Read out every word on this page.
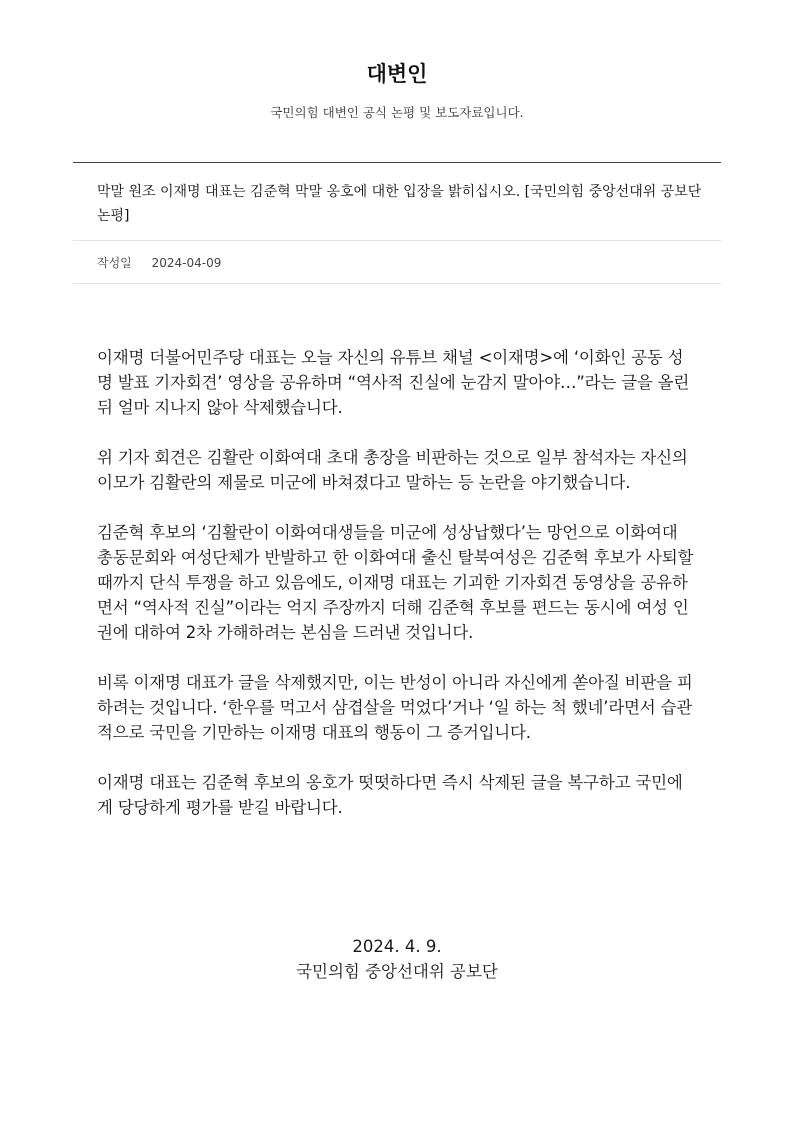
대변인
국민의힘 대변인 공식 논평 및 보도자료입니다.
막말 원조 이재명 대표는 김준혁 막말 옹호에 대한 입장을 밝히십시오. [국민의힘 중앙선대위 공보단 논평]
작성일 2024-04-09

이재명 더불어민주당 대표는 오늘 자신의 유튜브 채널 <이재명>에 ‘이화인 공동 성명 발표 기자회견’ 영상을 공유하며 “역사적 진실에 눈감지 말아야…”라는 글을 올린 뒤 얼마 지나지 않아 삭제했습니다.

위 기자 회견은 김활란 이화여대 초대 총장을 비판하는 것으로 일부 참석자는 자신의 이모가 김활란의 제물로 미군에 바쳐졌다고 말하는 등 논란을 야기했습니다.

김준혁 후보의 ‘김활란이 이화여대생들을 미군에 성상납했다’는 망언으로 이화여대 총동문회와 여성단체가 반발하고 한 이화여대 출신 탈북여성은 김준혁 후보가 사퇴할 때까지 단식 투쟁을 하고 있음에도, 이재명 대표는 기괴한 기자회견 동영상을 공유하면서 “역사적 진실”이라는 억지 주장까지 더해 김준혁 후보를 편드는 동시에 여성 인권에 대하여 2차 가해하려는 본심을 드러낸 것입니다.

비록 이재명 대표가 글을 삭제했지만, 이는 반성이 아니라 자신에게 쏟아질 비판을 피하려는 것입니다. ‘한우를 먹고서 삼겹살을 먹었다’거나 ‘일 하는 척 했네’라면서 습관적으로 국민을 기만하는 이재명 대표의 행동이 그 증거입니다.

이재명 대표는 김준혁 후보의 옹호가 떳떳하다면 즉시 삭제된 글을 복구하고 국민에게 당당하게 평가를 받길 바랍니다.

2024. 4. 9.
국민의힘 중앙선대위 공보단
